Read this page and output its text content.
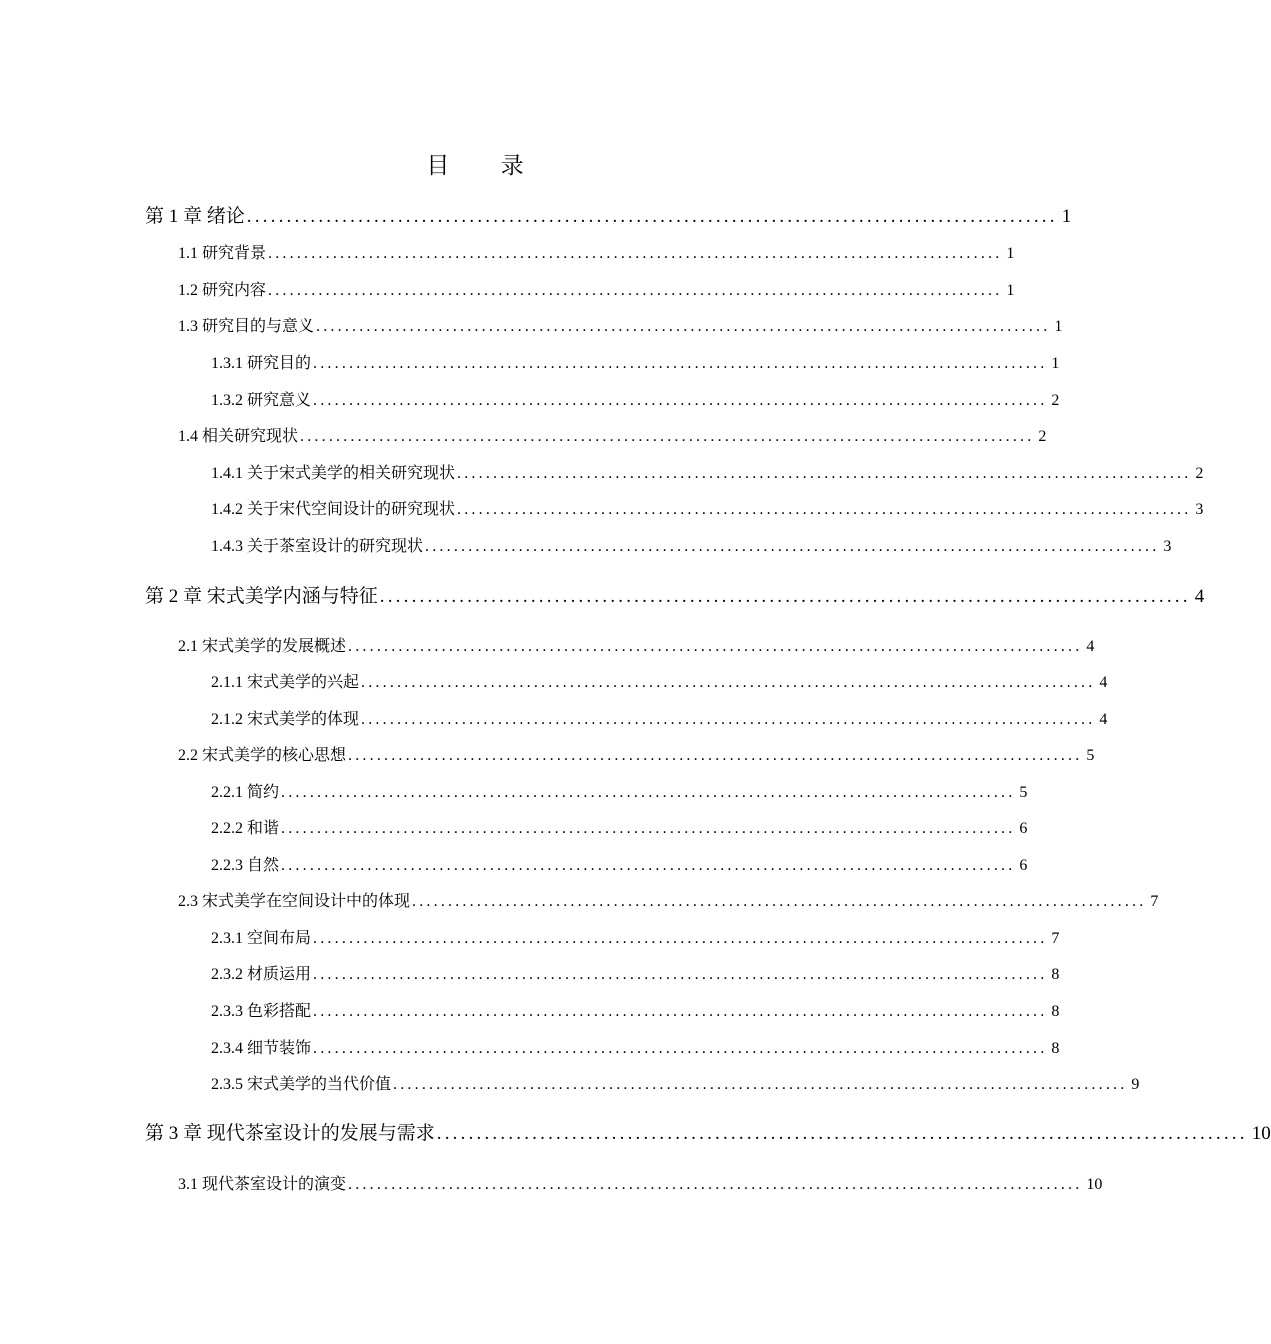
目 录
第 1 章
绪论 ...................................................................................................... 1
1.1
研究背景 ...................................................................................................... 1
1.2
研究内容 ...................................................................................................... 1
1.3
研究目的与意义 ...................................................................................................... 1
1.3.1
研究目的 ...................................................................................................... 1
1.3.2
研究意义 ...................................................................................................... 2
1.4
相关研究现状 ...................................................................................................... 2
1.4.1
关于宋式美学的相关研究现状 ...................................................................................................... 2
1.4.2
关于宋代空间设计的研究现状 ...................................................................................................... 3
1.4.3
关于茶室设计的研究现状 ...................................................................................................... 3
第 2 章
宋式美学内涵与特征 ...................................................................................................... 4
2.1
宋式美学的发展概述 ...................................................................................................... 4
2.1.1
宋式美学的兴起 ...................................................................................................... 4
2.1.2
宋式美学的体现 ...................................................................................................... 4
2.2
宋式美学的核心思想 ...................................................................................................... 5
2.2.1
简约 ...................................................................................................... 5
2.2.2
和谐 ...................................................................................................... 6
2.2.3
自然 ...................................................................................................... 6
2.3
宋式美学在空间设计中的体现 ...................................................................................................... 7
2.3.1
空间布局 ...................................................................................................... 7
2.3.2
材质运用 ...................................................................................................... 8
2.3.3
色彩搭配 ...................................................................................................... 8
2.3.4
细节装饰 ...................................................................................................... 8
2.3.5
宋式美学的当代价值 ...................................................................................................... 9
第 3 章
现代茶室设计的发展与需求 ...................................................................................................... 10
3.1
现代茶室设计的演变 ...................................................................................................... 10
